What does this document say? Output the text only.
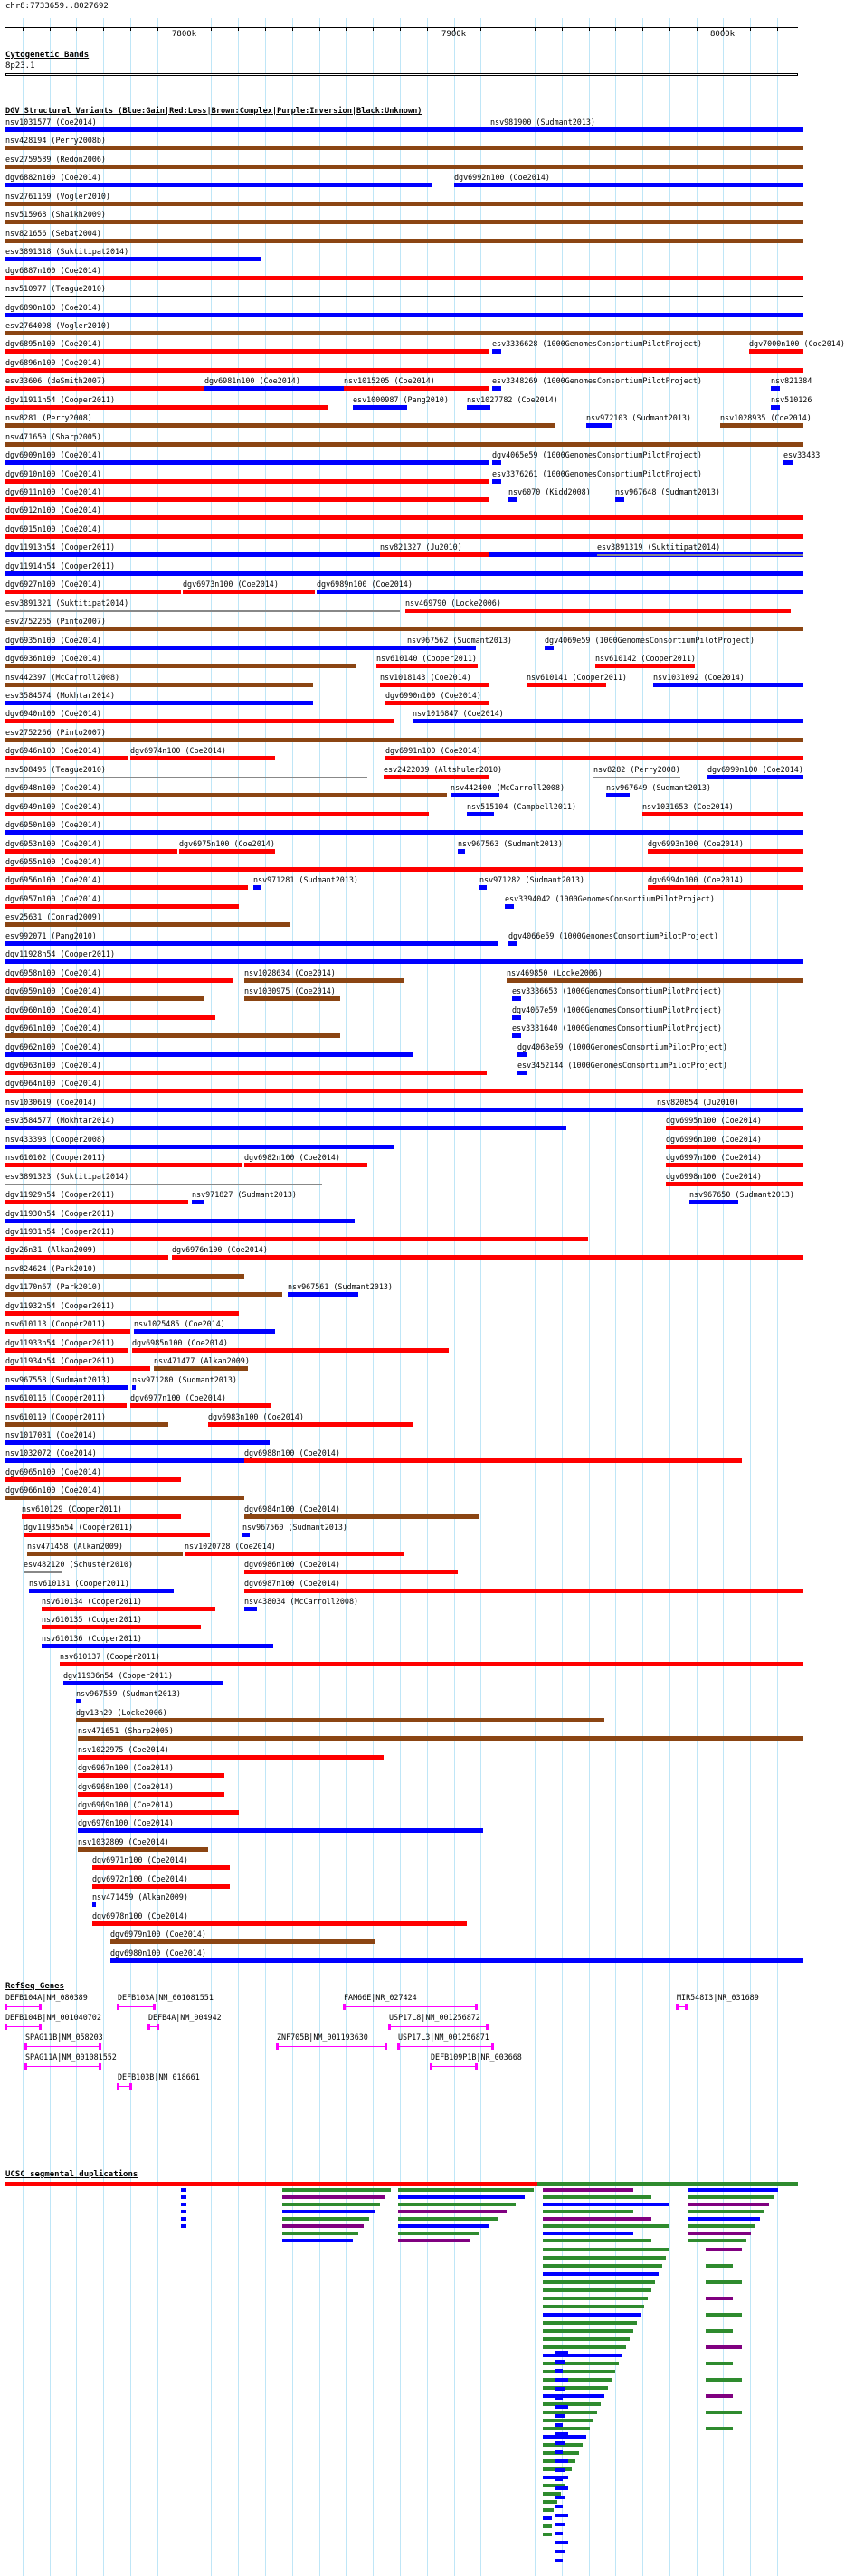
chr8:7733659..8027692
7800k	7900k	8000k
Cytogenetic Bands
8p23.1
DGV Structural Variants (Blue:Gain|Red:Loss|Brown:Complex|Purple:Inversion|Black:Unknown)
nsv1031577 (Coe2014)	nsv981900 (Sudmant2013)
nsv428194 (Perry2008b)
esv2759589 (Redon2006)
dgv6882n100 (Coe2014)	dgv6992n100 (Coe2014)
nsv2761169 (Vogler2010)
nsv515968 (Shaikh2009)
nsv821656 (Sebat2004)
esv3891318 (Suktitipat2014)
dgv6887n100 (Coe2014)
nsv510977 (Teague2010)
dgv6890n100 (Coe2014)
esv2764098 (Vogler2010)
dgv6895n100 (Coe2014)	esv3336628 (1000GenomesConsortiumPilotProject)	dgv7000n100 (Coe2014)
dgv6896n100 (Coe2014)
esv33606 (deSmith2007)	dgv6981n100 (Coe2014)	nsv1015205 (Coe2014)	esv3348269 (1000GenomesConsortiumPilotProject)	nsv821384
dgv11911n54 (Cooper2011)	esv1000987 (Pang2010) nsv1027782 (Coe2014)	nsv510126
nsv8281 (Perry2008)	nsv972103 (Sudmant2013)	nsv1028935 (Coe2014)
nsv471650 (Sharp2005)
dgv6909n100 (Coe2014)	dgv4065e59 (1000GenomesConsortiumPilotProject)	esv33433
dgv6910n100 (Coe2014)	esv3376261 (1000GenomesConsortiumPilotProject)
dgv6911n100 (Coe2014)	nsv6070 (Kidd2008)	nsv967648 (Sudmant2013)
dgv6912n100 (Coe2014)
dgv6915n100 (Coe2014)
dgv11913n54 (Cooper2011)	nsv821327 (Ju2010)	esv3891319 (Suktitipat2014)
dgv11914n54 (Cooper2011)
dgv6927n100 (Coe2014)	dgv6973n100 (Coe2014)	dgv6989n100 (Coe2014)
esv3891321 (Suktitipat2014)	nsv469790 (Locke2006)
esv2752265 (Pinto2007)
dgv6935n100 (Coe2014)	nsv967562 (Sudmant2013)	dgv4069e59 (1000GenomesConsortiumPilotProject)
dgv6936n100 (Coe2014)	nsv610140 (Cooper2011)	nsv610142 (Cooper2011)
nsv442397 (McCarroll2008)	nsv1018143 (Coe2014)	nsv610141 (Cooper2011)	nsv1031092 (Coe2014)
esv3584574 (Mokhtar2014)	dgv6990n100 (Coe2014)
dgv6940n100 (Coe2014)	nsv1016847 (Coe2014)
esv2752266 (Pinto2007)
dgv6946n100 (Coe2014)	dgv6974n100 (Coe2014)	dgv6991n100 (Coe2014)
nsv508496 (Teague2010)	esv2422039 (Altshuler2010)	nsv8282 (Perry2008)	dgv6999n100 (Coe2014)
dgv6948n100 (Coe2014)	nsv442400 (McCarroll2008)	nsv967649 (Sudmant2013)
dgv6949n100 (Coe2014)	nsv515104 (Campbell2011)	nsv1031653 (Coe2014)
dgv6950n100 (Coe2014)
dgv6953n100 (Coe2014)	dgv6975n100 (Coe2014)	nsv967563 (Sudmant2013)	dgv6993n100 (Coe2014)
dgv6955n100 (Coe2014)
dgv6956n100 (Coe2014)	nsv971281 (Sudmant2013)	nsv971282 (Sudmant2013)	dgv6994n100 (Coe2014)
dgv6957n100 (Coe2014)	esv3394042 (1000GenomesConsortiumPilotProject)
esv25631 (Conrad2009)
esv992071 (Pang2010)	dgv4066e59 (1000GenomesConsortiumPilotProject)
dgv11928n54 (Cooper2011)
dgv6958n100 (Coe2014)	nsv1028634 (Coe2014)	nsv469850 (Locke2006)
dgv6959n100 (Coe2014)	nsv1030975 (Coe2014)	esv3336653 (1000GenomesConsortiumPilotProject)
dgv6960n100 (Coe2014)	dgv4067e59 (1000GenomesConsortiumPilotProject)
dgv6961n100 (Coe2014)	esv3331640 (1000GenomesConsortiumPilotProject)
dgv6962n100 (Coe2014)	dgv4068e59 (1000GenomesConsortiumPilotProject)
dgv6963n100 (Coe2014)	esv3452144 (1000GenomesConsortiumPilotProject)
dgv6964n100 (Coe2014)
nsv1030619 (Coe2014)	nsv820854 (Ju2010)
esv3584577 (Mokhtar2014)	dgv6995n100 (Coe2014)
nsv433398 (Cooper2008)	dgv6996n100 (Coe2014)
nsv610102 (Cooper2011)	dgv6982n100 (Coe2014)	dgv6997n100 (Coe2014)
esv3891323 (Suktitipat2014)	dgv6998n100 (Coe2014)
dgv11929n54 (Cooper2011)	nsv971827 (Sudmant2013)	nsv967650 (Sudmant2013)
dgv11930n54 (Cooper2011)
dgv11931n54 (Cooper2011)
dgv26n31 (Alkan2009)	dgv6976n100 (Coe2014)
nsv824624 (Park2010)
dgv1170n67 (Park2010)	nsv967561 (Sudmant2013)
dgv11932n54 (Cooper2011)
nsv610113 (Cooper2011)	nsv1025485 (Coe2014)
dgv11933n54 (Cooper2011) dgv6985n100 (Coe2014)
dgv11934n54 (Cooper2011)	nsv471477 (Alkan2009)
nsv967558 (Sudmant2013)	nsv971280 (Sudmant2013)
nsv610116 (Cooper2011)	dgv6977n100 (Coe2014)
nsv610119 (Cooper2011)	dgv6983n100 (Coe2014)
nsv1017081 (Coe2014)
nsv1032072 (Coe2014)	dgv6988n100 (Coe2014)
dgv6965n100 (Coe2014)
dgv6966n100 (Coe2014)
nsv610129 (Cooper2011)	dgv6984n100 (Coe2014)
dgv11935n54 (Cooper2011)	nsv967560 (Sudmant2013)
nsv471458 (Alkan2009)	nsv1020728 (Coe2014)
esv482120 (Schuster2010)	dgv6986n100 (Coe2014)
nsv610131 (Cooper2011)	dgv6987n100 (Coe2014)
nsv610134 (Cooper2011)	nsv438034 (McCarroll2008)
nsv610135 (Cooper2011)
nsv610136 (Cooper2011)
nsv610137 (Cooper2011)
dgv11936n54 (Cooper2011)
nsv967559 (Sudmant2013)
dgv13n29 (Locke2006)
nsv471651 (Sharp2005)
nsv1022975 (Coe2014)
dgv6967n100 (Coe2014)
dgv6968n100 (Coe2014)
dgv6969n100 (Coe2014)
dgv6970n100 (Coe2014)
nsv1032809 (Coe2014)
dgv6971n100 (Coe2014)
dgv6972n100 (Coe2014)
nsv471459 (Alkan2009)
dgv6978n100 (Coe2014)
dgv6979n100 (Coe2014)
dgv6980n100 (Coe2014)
RefSeq Genes
DEFB104A|NM_080389	DEFB103A|NM_001081551	FAM66E|NR_027424	MIR548I3|NR_031689
DEFB104B|NM_001040702	DEFB4A|NM_004942	USP17L8|NM_001256872
SPAG11B|NM_058203	ZNF705B|NM_001193630	USP17L3|NM_001256871
SPAG11A|NM_001081552	DEFB109P1B|NR_003668
DEFB103B|NM_018661
UCSC segmental duplications
